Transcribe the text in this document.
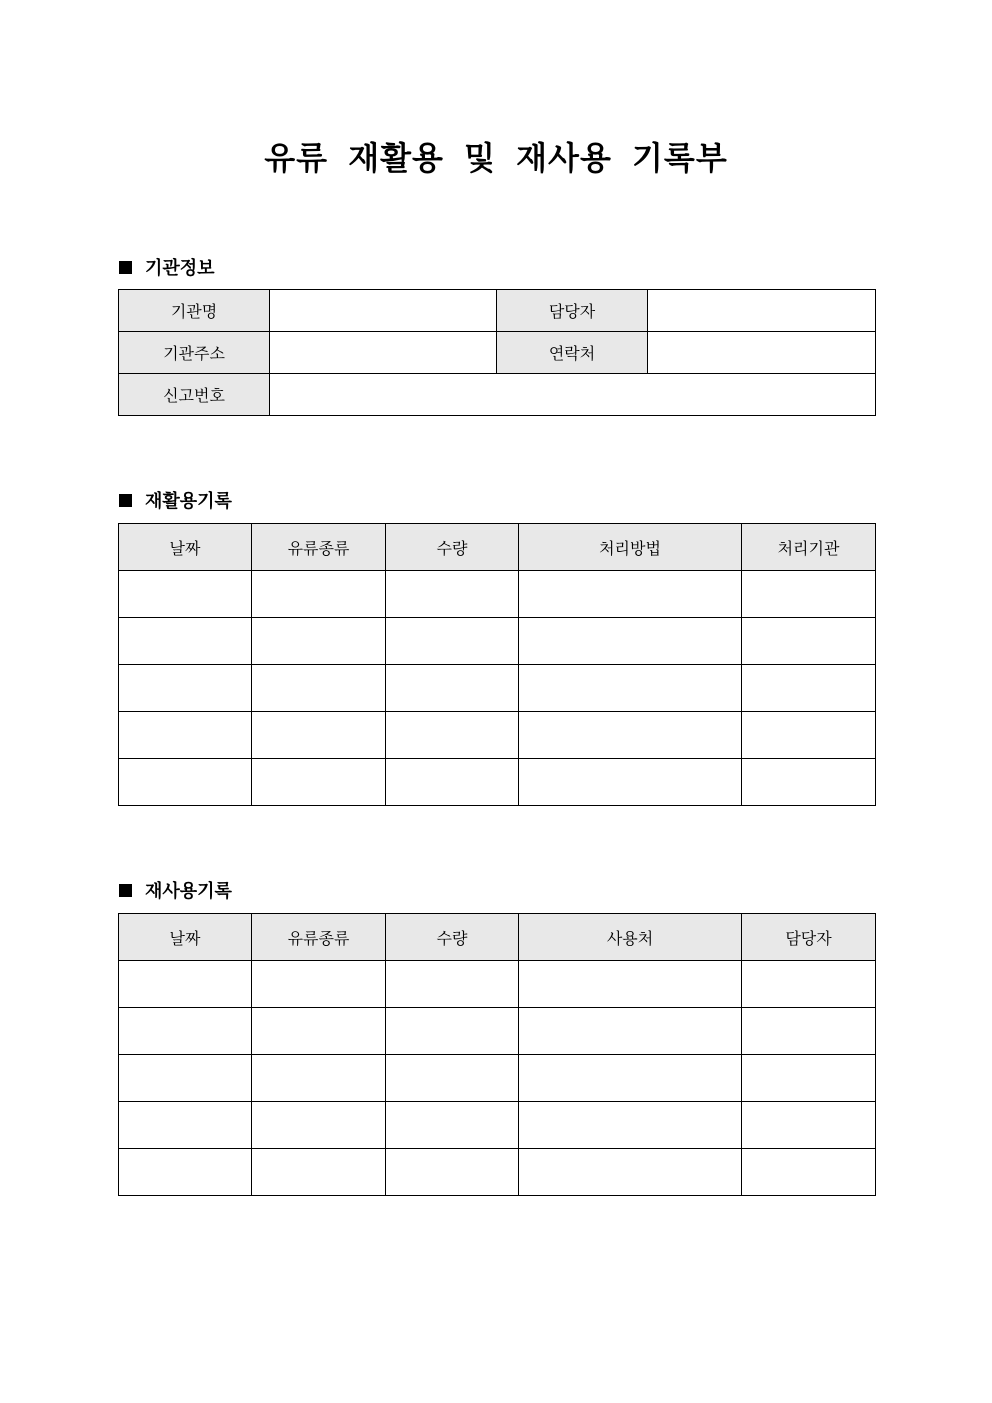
유류 재활용 및 재사용 기록부
기관정보
기관명		담당자	
기관주소		연락처	
신고번호			
재활용기록
날짜	유류종류	수량	처리방법	처리기관

재사용기록
날짜	유류종류	수량	사용처	담당자
